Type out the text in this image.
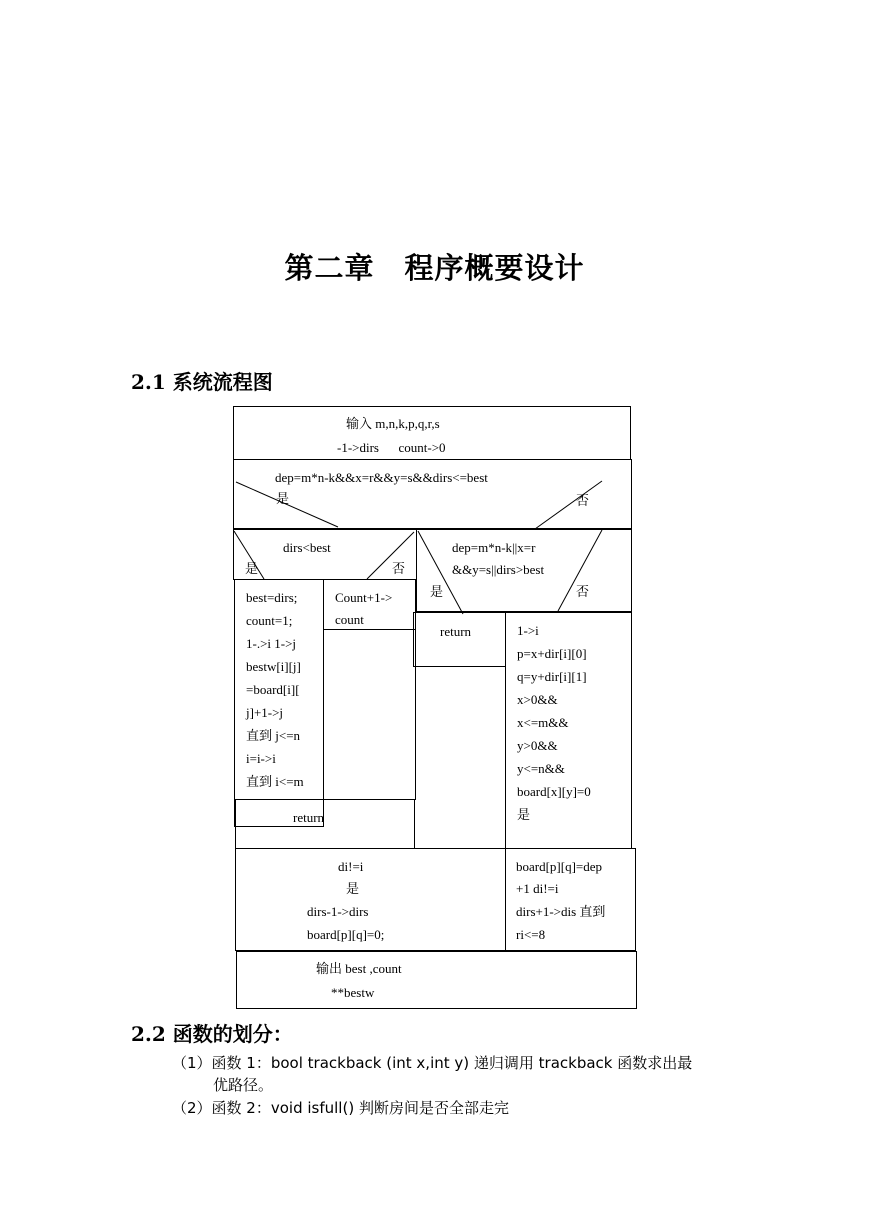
第二章　程序概要设计
2.1 系统流程图
输入 m,n,k,p,q,r,s
-1->dirs      count->0
dep=m*n-k&&x=r&&y=s&&dirs<=best
是	否
dirs<best
是	否
dep=m*n-k||x=r
&&y=s||dirs>best
是	否
best=dirs;
count=1;
1-.>i 1->j
bestw[i][j]
=board[i][
j]+1->j
直到 j<=n
i=i->i
直到 i<=m
Count+1->
count
return
return	1->i
p=x+dir[i][0]
q=y+dir[i][1]
x>0&&
x<=m&&
y>0&&
y<=n&&
board[x][y]=0
是
di!=i
是
dirs-1->dirs
board[p][q]=0;
board[p][q]=dep
+1 di!=i
dirs+1->dis 直到
ri<=8
输出 best ,count
**bestw
2.2 函数的划分：
（1）函数 1：bool trackback (int x,int y) 递归调用 trackback 函数求出最
优路径。
（2）函数 2：void isfull() 判断房间是否全部走完
